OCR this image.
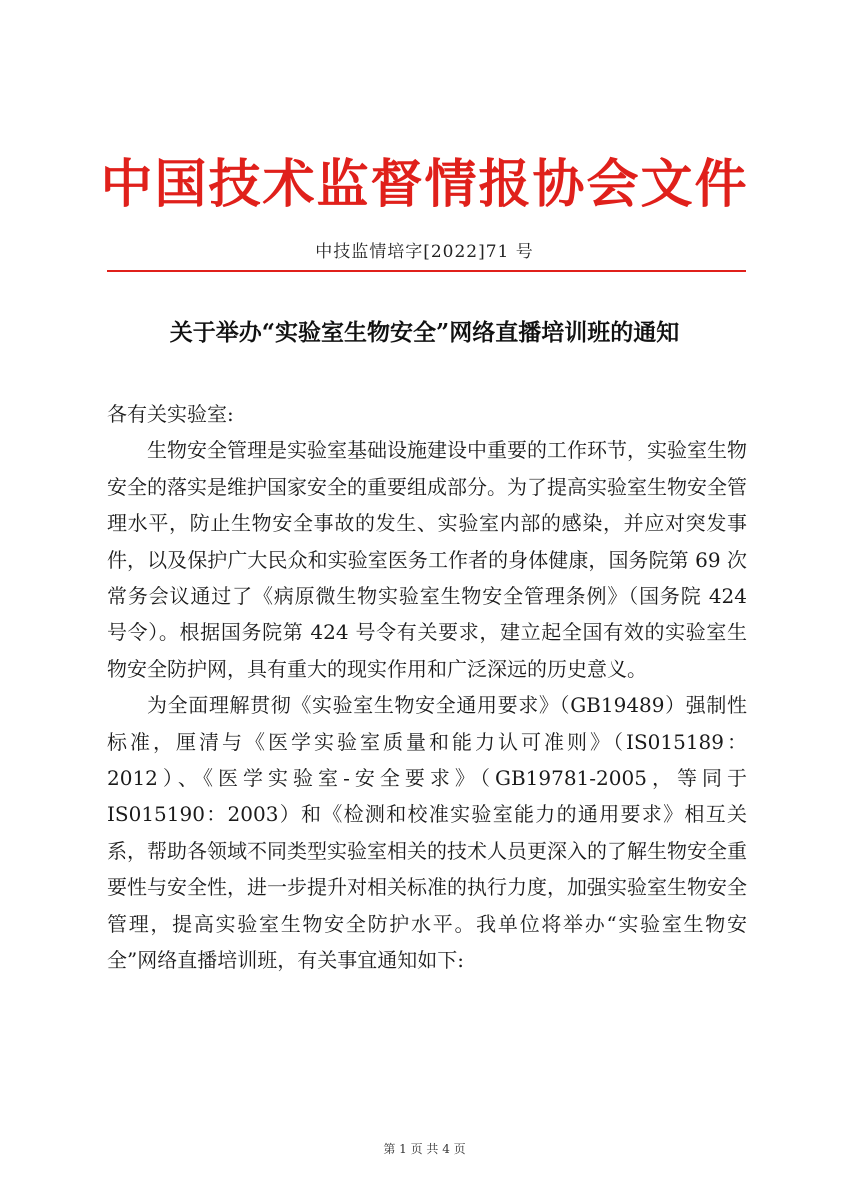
中国技术监督情报协会文件
中技监情培字[2022]71 号
关于举办“实验室生物安全”网络直播培训班的通知

各有关实验室:

生物安全管理是实验室基础设施建设中重要的工作环节，实验室生物安全的落实是维护国家安全的重要组成部分。为了提高实验室生物安全管理水平，防止生物安全事故的发生、实验室内部的感染，并应对突发事件，以及保护广大民众和实验室医务工作者的身体健康，国务院第 69 次常务会议通过了《病原微生物实验室生物安全管理条例》（国务院 424 号令）。根据国务院第 424 号令有关要求，建立起全国有效的实验室生物安全防护网，具有重大的现实作用和广泛深远的历史意义。

为全面理解贯彻《实验室生物安全通用要求》（GB19489）强制性标准，厘清与《医学实验室质量和能力认可准则》（IS015189：2012）、《医学实验室-安全要求》（GB19781-2005，等同于 IS015190：2003）和《检测和校准实验室能力的通用要求》相互关系，帮助各领域不同类型实验室相关的技术人员更深入的了解生物安全重要性与安全性，进一步提升对相关标准的执行力度，加强实验室生物安全管理，提高实验室生物安全防护水平。我单位将举办“实验室生物安全”网络直播培训班，有关事宜通知如下:

第 1 页 共 4 页
